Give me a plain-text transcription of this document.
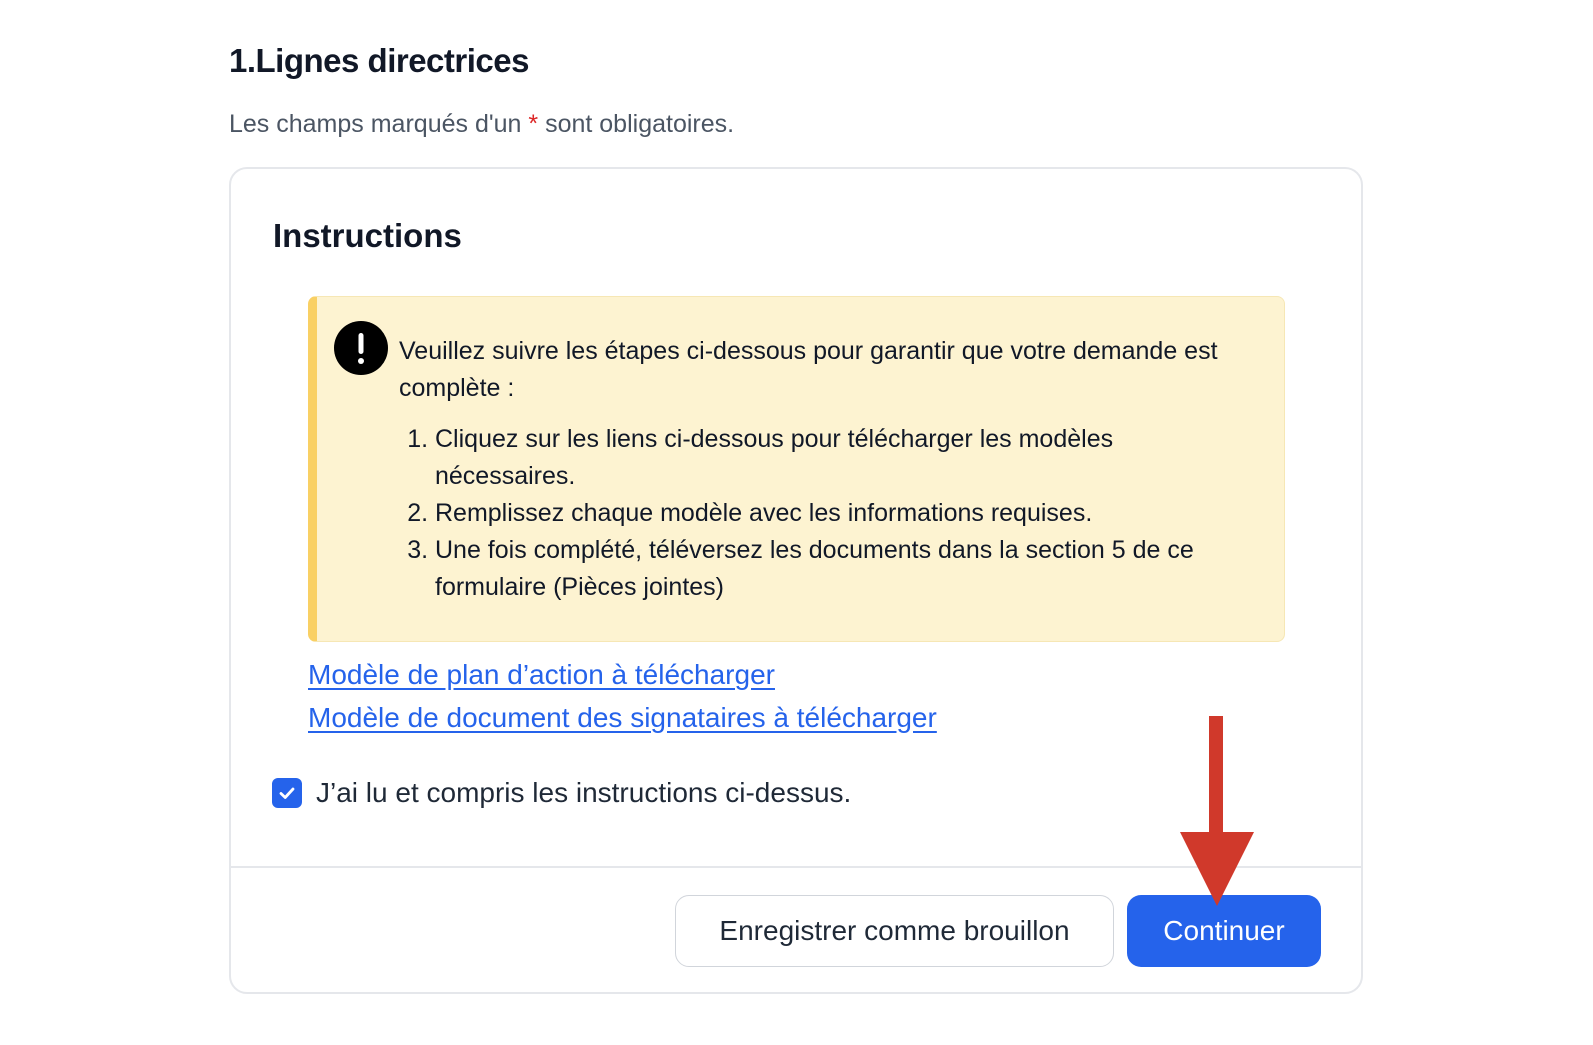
1.Lignes directrices

Les champs marqués d'un * sont obligatoires.

Instructions

Veuillez suivre les étapes ci-dessous pour garantir que votre demande est complète :

1. Cliquez sur les liens ci-dessous pour télécharger les modèles nécessaires.
2. Remplissez chaque modèle avec les informations requises.
3. Une fois complété, téléversez les documents dans la section 5 de ce formulaire (Pièces jointes)
Modèle de plan d’action à télécharger
Modèle de document des signataires à télécharger
J’ai lu et compris les instructions ci-dessus.
Enregistrer comme brouillon	Continuer
